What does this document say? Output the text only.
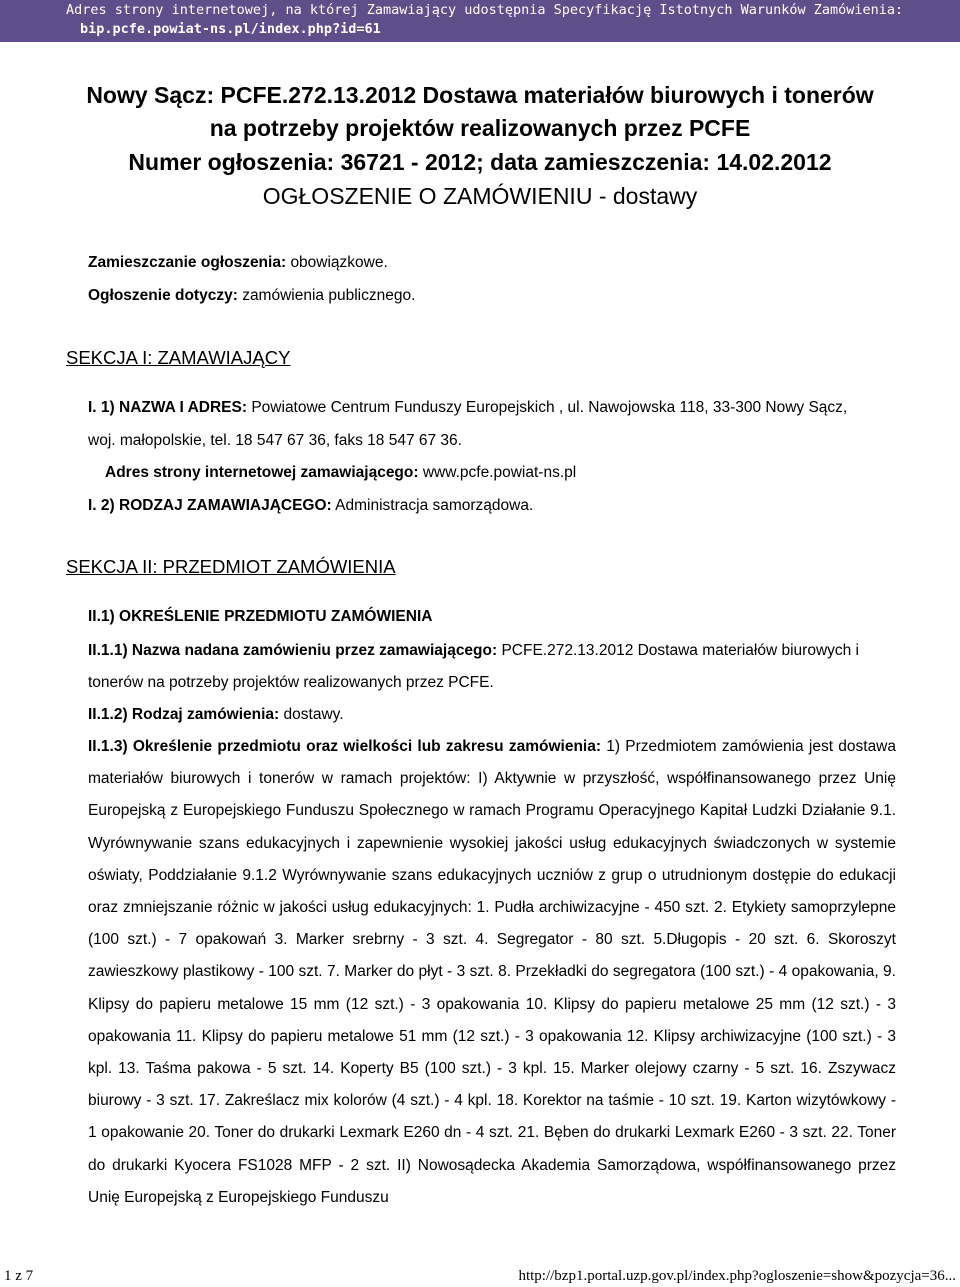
Adres strony internetowej, na której Zamawiający udostępnia Specyfikację Istotnych Warunków Zamówienia:
bip.pcfe.powiat-ns.pl/index.php?id=61
Nowy Sącz: PCFE.272.13.2012 Dostawa materiałów biurowych i tonerów
na potrzeby projektów realizowanych przez PCFE
Numer ogłoszenia: 36721 - 2012; data zamieszczenia: 14.02.2012
OGŁOSZENIE O ZAMÓWIENIU - dostawy
Zamieszczanie ogłoszenia: obowiązkowe.
Ogłoszenie dotyczy: zamówienia publicznego.
SEKCJA I: ZAMAWIAJĄCY
I. 1) NAZWA I ADRES: Powiatowe Centrum Funduszy Europejskich , ul. Nawojowska 118, 33-300 Nowy Sącz,
woj. małopolskie, tel. 18 547 67 36, faks 18 547 67 36.
Adres strony internetowej zamawiającego: www.pcfe.powiat-ns.pl
I. 2) RODZAJ ZAMAWIAJĄCEGO: Administracja samorządowa.
SEKCJA II: PRZEDMIOT ZAMÓWIENIA
II.1) OKREŚLENIE PRZEDMIOTU ZAMÓWIENIA
II.1.1) Nazwa nadana zamówieniu przez zamawiającego: PCFE.272.13.2012 Dostawa materiałów biurowych i
tonerów na potrzeby projektów realizowanych przez PCFE.
II.1.2) Rodzaj zamówienia: dostawy.
II.1.3) Określenie przedmiotu oraz wielkości lub zakresu zamówienia: 1) Przedmiotem zamówienia jest dostawa materiałów biurowych i tonerów w ramach projektów: I) Aktywnie w przyszłość, współfinansowanego przez Unię Europejską z Europejskiego Funduszu Społecznego w ramach Programu Operacyjnego Kapitał Ludzki Działanie 9.1. Wyrównywanie szans edukacyjnych i zapewnienie wysokiej jakości usług edukacyjnych świadczonych w systemie oświaty, Poddziałanie 9.1.2 Wyrównywanie szans edukacyjnych uczniów z grup o utrudnionym dostępie do edukacji oraz zmniejszanie różnic w jakości usług edukacyjnych: 1. Pudła archiwizacyjne - 450 szt. 2. Etykiety samoprzylepne (100 szt.) - 7 opakowań 3. Marker srebrny - 3 szt. 4. Segregator - 80 szt. 5.Długopis - 20 szt. 6. Skoroszyt zawieszkowy plastikowy - 100 szt. 7. Marker do płyt - 3 szt. 8. Przekładki do segregatora (100 szt.) - 4 opakowania, 9. Klipsy do papieru metalowe 15 mm (12 szt.) - 3 opakowania 10. Klipsy do papieru metalowe 25 mm (12 szt.) - 3 opakowania 11. Klipsy do papieru metalowe 51 mm (12 szt.) - 3 opakowania 12. Klipsy archiwizacyjne (100 szt.) - 3 kpl. 13. Taśma pakowa - 5 szt. 14. Koperty B5 (100 szt.) - 3 kpl. 15. Marker olejowy czarny - 5 szt. 16. Zszywacz biurowy - 3 szt. 17. Zakreślacz mix kolorów (4 szt.) - 4 kpl. 18. Korektor na taśmie - 10 szt. 19. Karton wizytówkowy - 1 opakowanie 20. Toner do drukarki Lexmark E260 dn - 4 szt. 21. Bęben do drukarki Lexmark E260 - 3 szt. 22. Toner do drukarki Kyocera FS1028 MFP - 2 szt. II) Nowosądecka Akademia Samorządowa, współfinansowanego przez Unię Europejską z Europejskiego Funduszu
1 z 7	http://bzp1.portal.uzp.gov.pl/index.php?ogloszenie=show&pozycja=36...
